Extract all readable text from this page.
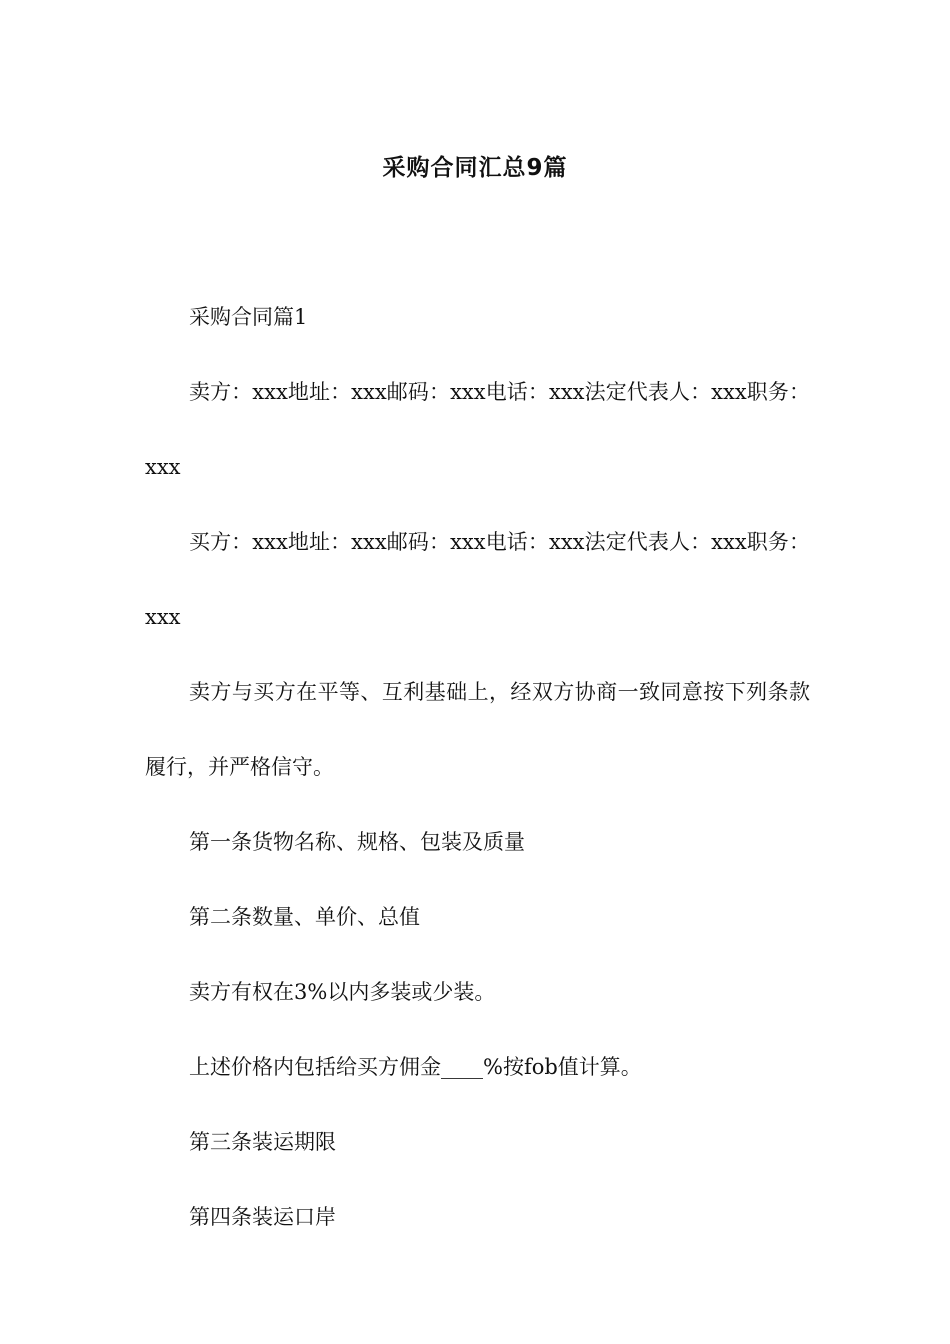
采购合同汇总9篇

采购合同篇1

卖方：xxx地址：xxx邮码：xxx电话：xxx法定代表人：xxx职务：xxx

买方：xxx地址：xxx邮码：xxx电话：xxx法定代表人：xxx职务：xxx

卖方与买方在平等、互利基础上，经双方协商一致同意按下列条款履行，并严格信守。

第一条货物名称、规格、包装及质量

第二条数量、单价、总值

卖方有权在3%以内多装或少装。

上述价格内包括给买方佣金____%按fob值计算。

第三条装运期限

第四条装运口岸
